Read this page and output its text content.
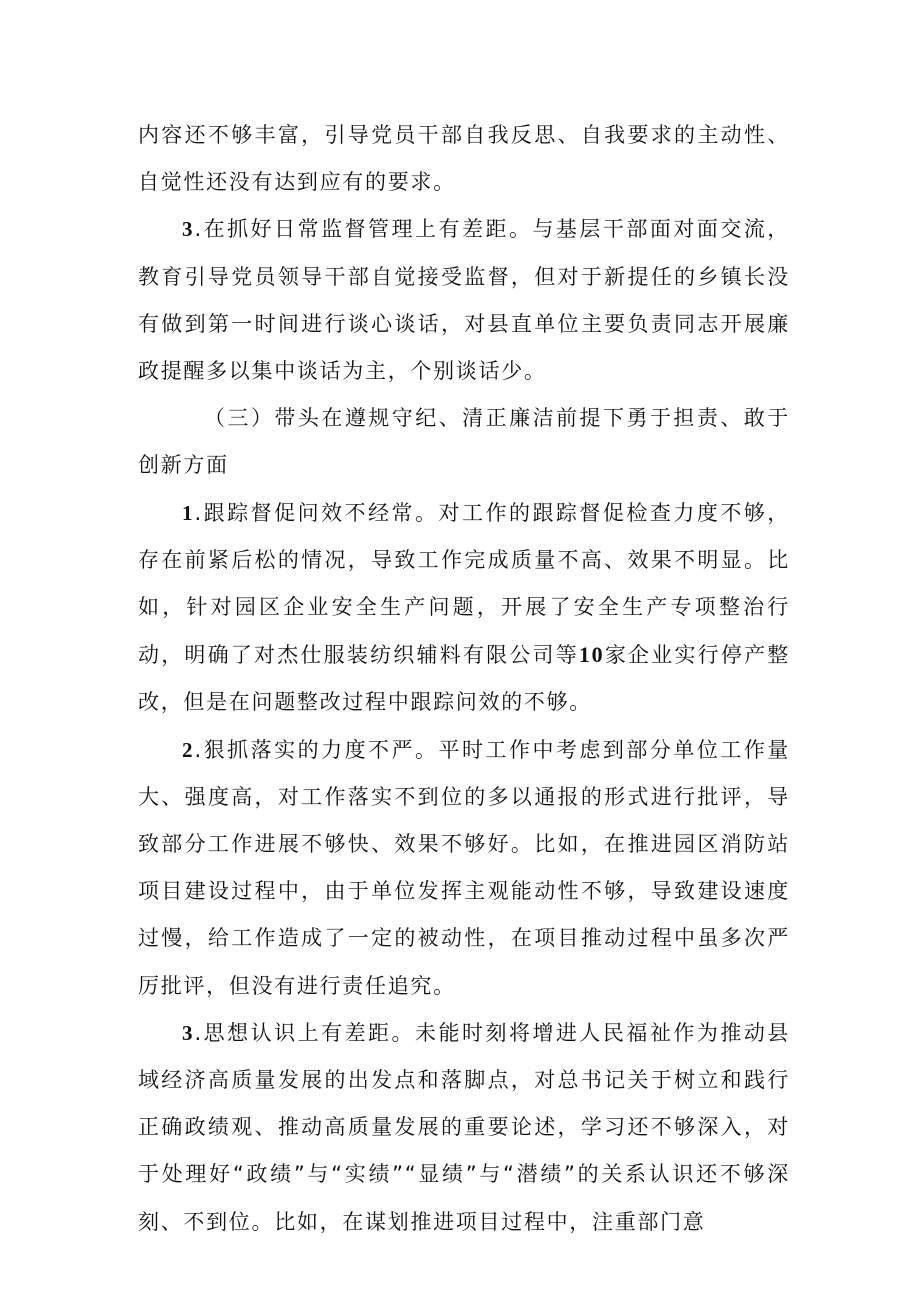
内容还不够丰富，引导党员干部自我反思、自我要求的主动性、自觉性还没有达到应有的要求。

3.在抓好日常监督管理上有差距。与基层干部面对面交流，教育引导党员领导干部自觉接受监督，但对于新提任的乡镇长没有做到第一时间进行谈心谈话，对县直单位主要负责同志开展廉政提醒多以集中谈话为主，个别谈话少。

（三）带头在遵规守纪、清正廉洁前提下勇于担责、敢于创新方面

1.跟踪督促问效不经常。对工作的跟踪督促检查力度不够，存在前紧后松的情况，导致工作完成质量不高、效果不明显。比如，针对园区企业安全生产问题，开展了安全生产专项整治行动，明确了对杰仕服装纺织辅料有限公司等10家企业实行停产整改，但是在问题整改过程中跟踪问效的不够。

2.狠抓落实的力度不严。平时工作中考虑到部分单位工作量大、强度高，对工作落实不到位的多以通报的形式进行批评，导致部分工作进展不够快、效果不够好。比如，在推进园区消防站项目建设过程中，由于单位发挥主观能动性不够，导致建设速度过慢，给工作造成了一定的被动性，在项目推动过程中虽多次严厉批评，但没有进行责任追究。

3.思想认识上有差距。未能时刻将增进人民福祉作为推动县域经济高质量发展的出发点和落脚点，对总书记关于树立和践行正确政绩观、推动高质量发展的重要论述，学习还不够深入，对于处理好“政绩”与“实绩”“显绩”与“潜绩”的关系认识还不够深刻、不到位。比如，在谋划推进项目过程中，注重部门意
